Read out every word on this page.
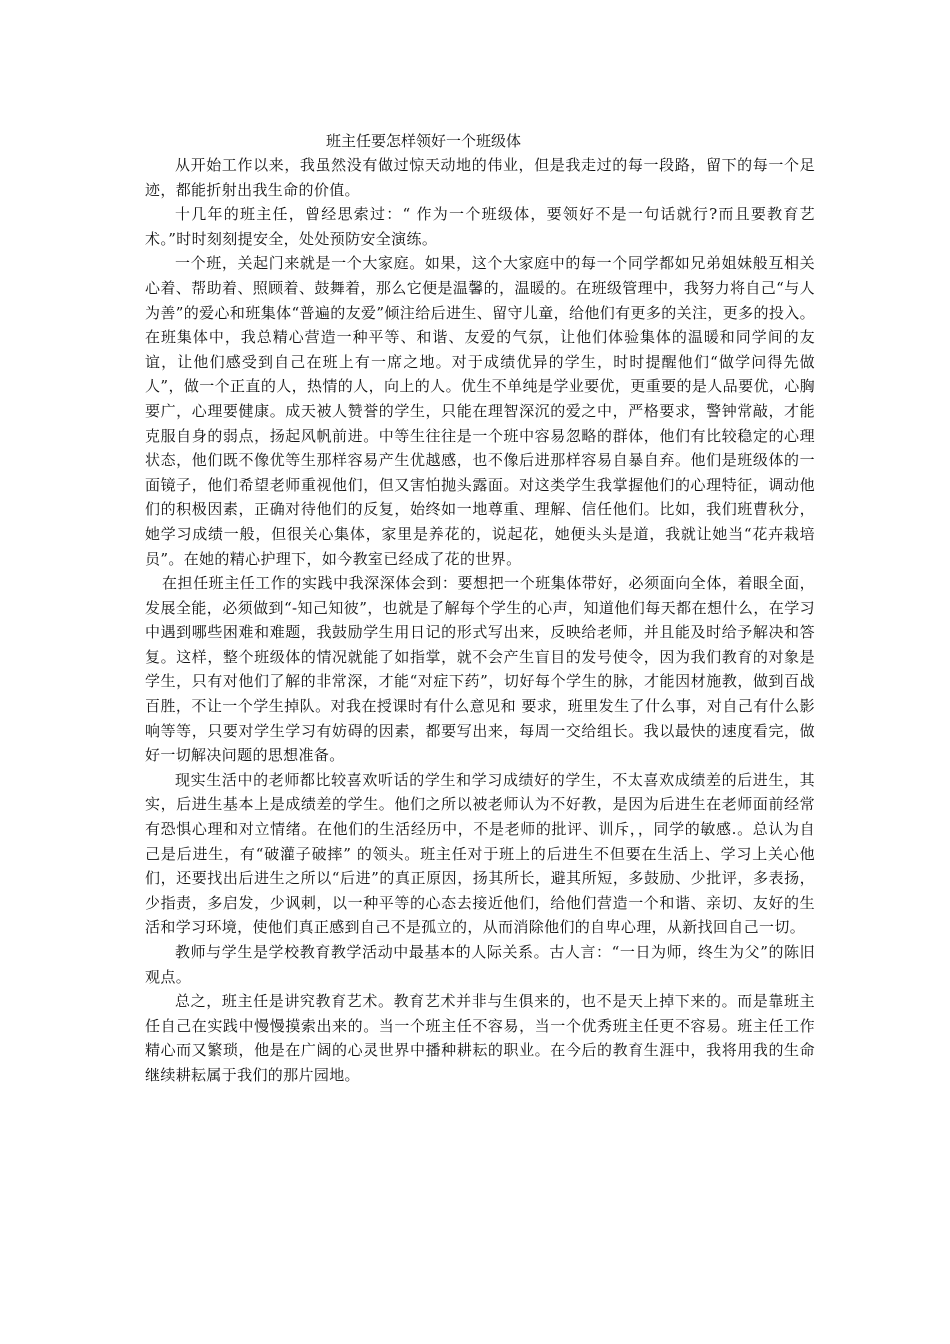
班主任要怎样领好一个班级体

从开始工作以来，我虽然没有做过惊天动地的伟业，但是我走过的每一段路，留下的每一个足迹，都能折射出我生命的价值。

十几年的班主任，曾经思索过：“ 作为一个班级体，要领好不是一句话就行?而且要教育艺术。”时时刻刻提安全，处处预防安全演练。

一个班，关起门来就是一个大家庭。如果，这个大家庭中的每一个同学都如兄弟姐妹般互相关心着、帮助着、照顾着、鼓舞着，那么它便是温馨的，温暖的。在班级管理中，我努力将自己“与人为善”的爱心和班集体“普遍的友爱”倾注给后进生、留守儿童，给他们有更多的关注，更多的投入。在班集体中，我总精心营造一种平等、和谐、友爱的气氛，让他们体验集体的温暖和同学间的友谊，让他们感受到自己在班上有一席之地。对于成绩优异的学生，时时提醒他们“做学问得先做人”，做一个正直的人，热情的人，向上的人。优生不单纯是学业要优，更重要的是人品要优，心胸要广，心理要健康。成天被人赞誉的学生，只能在理智深沉的爱之中，严格要求，警钟常敲，才能克服自身的弱点，扬起风帆前进。中等生往往是一个班中容易忽略的群体，他们有比较稳定的心理状态，他们既不像优等生那样容易产生优越感，也不像后进那样容易自暴自弃。他们是班级体的一面镜子，他们希望老师重视他们，但又害怕抛头露面。对这类学生我掌握他们的心理特征，调动他们的积极因素，正确对待他们的反复，始终如一地尊重、理解、信任他们。比如，我们班曹秋分，她学习成绩一般，但很关心集体，家里是养花的，说起花，她便头头是道，我就让她当“花卉栽培员”。在她的精心护理下，如今教室已经成了花的世界。

在担任班主任工作的实践中我深深体会到：要想把一个班集体带好，必须面向全体，着眼全面，发展全能，必须做到“-知己知彼”，也就是了解每个学生的心声，知道他们每天都在想什么，在学习中遇到哪些困难和难题，我鼓励学生用日记的形式写出来，反映给老师，并且能及时给予解决和答复。这样，整个班级体的情况就能了如指掌，就不会产生盲目的发号使令，因为我们教育的对象是学生，只有对他们了解的非常深，才能“对症下药”，切好每个学生的脉，才能因材施教，做到百战百胜，不让一个学生掉队。对我在授课时有什么意见和 要求，班里发生了什么事，对自己有什么影响等等，只要对学生学习有妨碍的因素，都要写出来，每周一交给组长。我以最快的速度看完，做好一切解决问题的思想准备。

现实生活中的老师都比较喜欢听话的学生和学习成绩好的学生，不太喜欢成绩差的后进生，其实，后进生基本上是成绩差的学生。他们之所以被老师认为不好教，是因为后进生在老师面前经常有恐惧心理和对立情绪。在他们的生活经历中，不是老师的批评、训斥，，同学的敏感.。总认为自己是后进生，有“破灌子破摔” 的领头。班主任对于班上的后进生不但要在生活上、学习上关心他们，还要找出后进生之所以“后进”的真正原因，扬其所长，避其所短，多鼓励、少批评，多表扬，少指责，多启发，少讽刺，以一种平等的心态去接近他们，给他们营造一个和谐、亲切、友好的生活和学习环境，使他们真正感到自己不是孤立的，从而消除他们的自卑心理，从新找回自己一切。

教师与学生是学校教育教学活动中最基本的人际关系。古人言：“一日为师，终生为父”的陈旧观点。

总之，班主任是讲究教育艺术。教育艺术并非与生俱来的，也不是天上掉下来的。而是靠班主任自己在实践中慢慢摸索出来的。当一个班主任不容易，当一个优秀班主任更不容易。班主任工作精心而又繁琐，他是在广阔的心灵世界中播种耕耘的职业。在今后的教育生涯中，我将用我的生命继续耕耘属于我们的那片园地。
